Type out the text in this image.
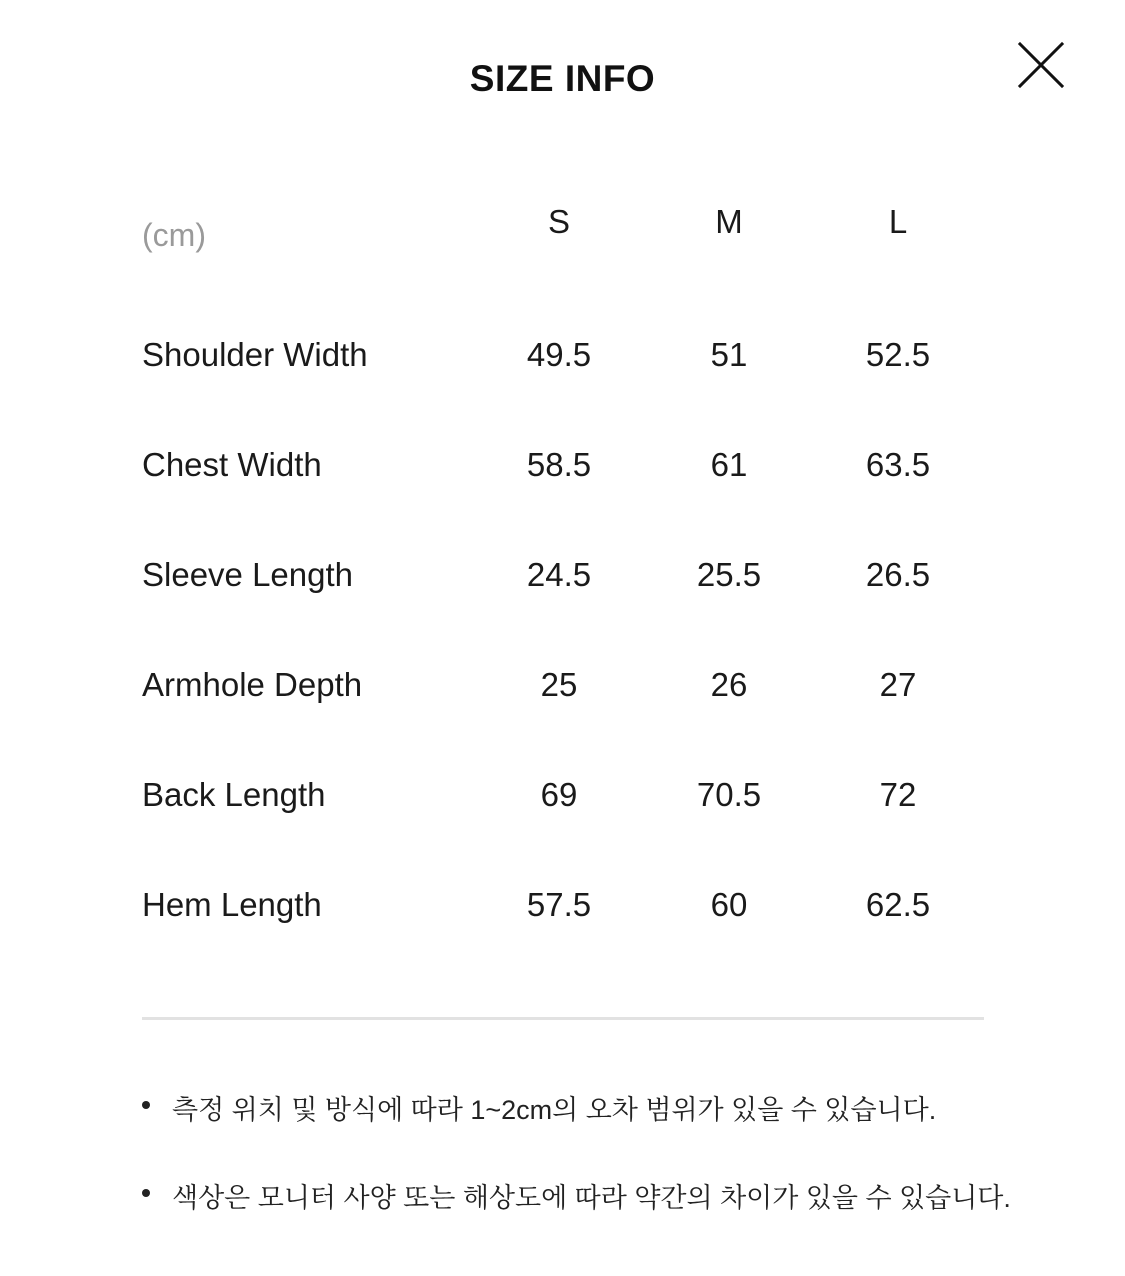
SIZE INFO
(cm)	S	M	L
Shoulder Width	49.5	51	52.5
Chest Width	58.5	61	63.5
Sleeve Length	24.5	25.5	26.5
Armhole Depth	25	26	27
Back Length	69	70.5	72
Hem Length	57.5	60	62.5
측정 위치 및 방식에 따라 1~2cm의 오차 범위가 있을 수 있습니다.
색상은 모니터 사양 또는 해상도에 따라 약간의 차이가 있을 수 있습니다.
